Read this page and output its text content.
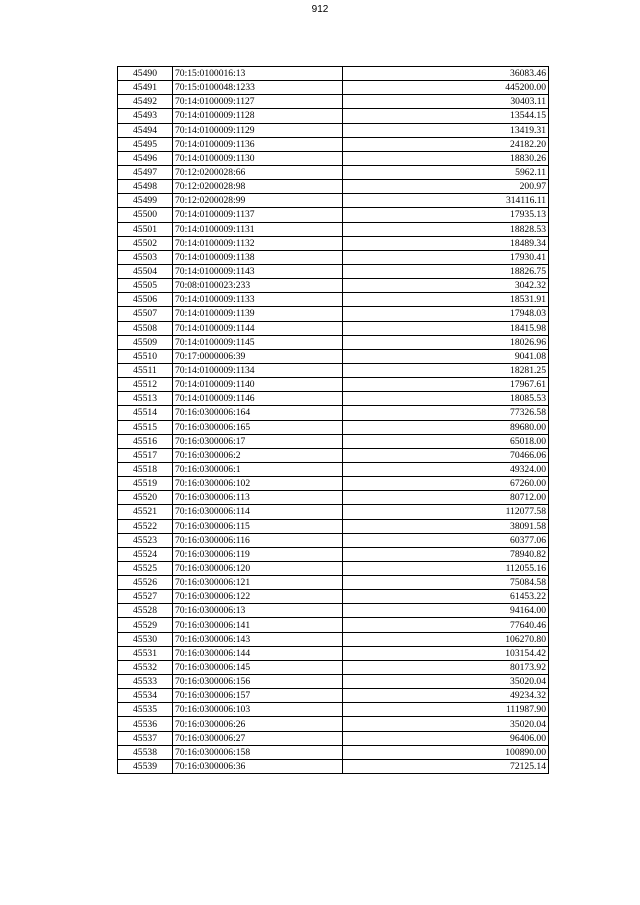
912
45490	70:15:0100016:13	36083.46
45491	70:15:0100048:1233	445200.00
45492	70:14:0100009:1127	30403.11
45493	70:14:0100009:1128	13544.15
45494	70:14:0100009:1129	13419.31
45495	70:14:0100009:1136	24182.20
45496	70:14:0100009:1130	18830.26
45497	70:12:0200028:66	5962.11
45498	70:12:0200028:98	200.97
45499	70:12:0200028:99	314116.11
45500	70:14:0100009:1137	17935.13
45501	70:14:0100009:1131	18828.53
45502	70:14:0100009:1132	18489.34
45503	70:14:0100009:1138	17930.41
45504	70:14:0100009:1143	18826.75
45505	70:08:0100023:233	3042.32
45506	70:14:0100009:1133	18531.91
45507	70:14:0100009:1139	17948.03
45508	70:14:0100009:1144	18415.98
45509	70:14:0100009:1145	18026.96
45510	70:17:0000006:39	9041.08
45511	70:14:0100009:1134	18281.25
45512	70:14:0100009:1140	17967.61
45513	70:14:0100009:1146	18085.53
45514	70:16:0300006:164	77326.58
45515	70:16:0300006:165	89680.00
45516	70:16:0300006:17	65018.00
45517	70:16:0300006:2	70466.06
45518	70:16:0300006:1	49324.00
45519	70:16:0300006:102	67260.00
45520	70:16:0300006:113	80712.00
45521	70:16:0300006:114	112077.58
45522	70:16:0300006:115	38091.58
45523	70:16:0300006:116	60377.06
45524	70:16:0300006:119	78940.82
45525	70:16:0300006:120	112055.16
45526	70:16:0300006:121	75084.58
45527	70:16:0300006:122	61453.22
45528	70:16:0300006:13	94164.00
45529	70:16:0300006:141	77640.46
45530	70:16:0300006:143	106270.80
45531	70:16:0300006:144	103154.42
45532	70:16:0300006:145	80173.92
45533	70:16:0300006:156	35020.04
45534	70:16:0300006:157	49234.32
45535	70:16:0300006:103	111987.90
45536	70:16:0300006:26	35020.04
45537	70:16:0300006:27	96406.00
45538	70:16:0300006:158	100890.00
45539	70:16:0300006:36	72125.14
